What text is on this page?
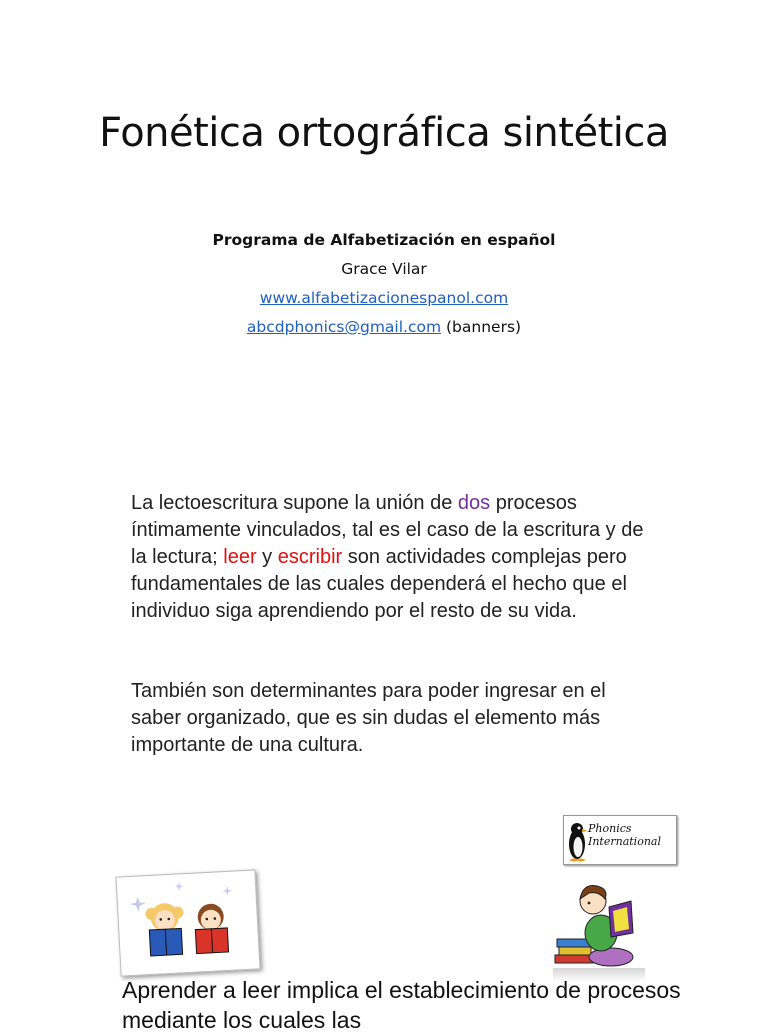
Fonética ortográfica sintética
Programa de Alfabetización en español
Grace Vilar
www.alfabetizacionespanol.com
abcdphonics@gmail.com (banners)

La lectoescritura supone la unión de dos procesos íntimamente vinculados, tal es el caso de la escritura y de la lectura; leer y escribir son actividades complejas pero fundamentales de las cuales dependerá el hecho que el individuo siga aprendiendo por el resto de su vida.

También son determinantes para poder ingresar en el saber organizado, que es sin dudas el elemento más importante de una cultura.

Phonics
International

Aprender a leer implica el establecimiento de procesos mediante los cuales las
